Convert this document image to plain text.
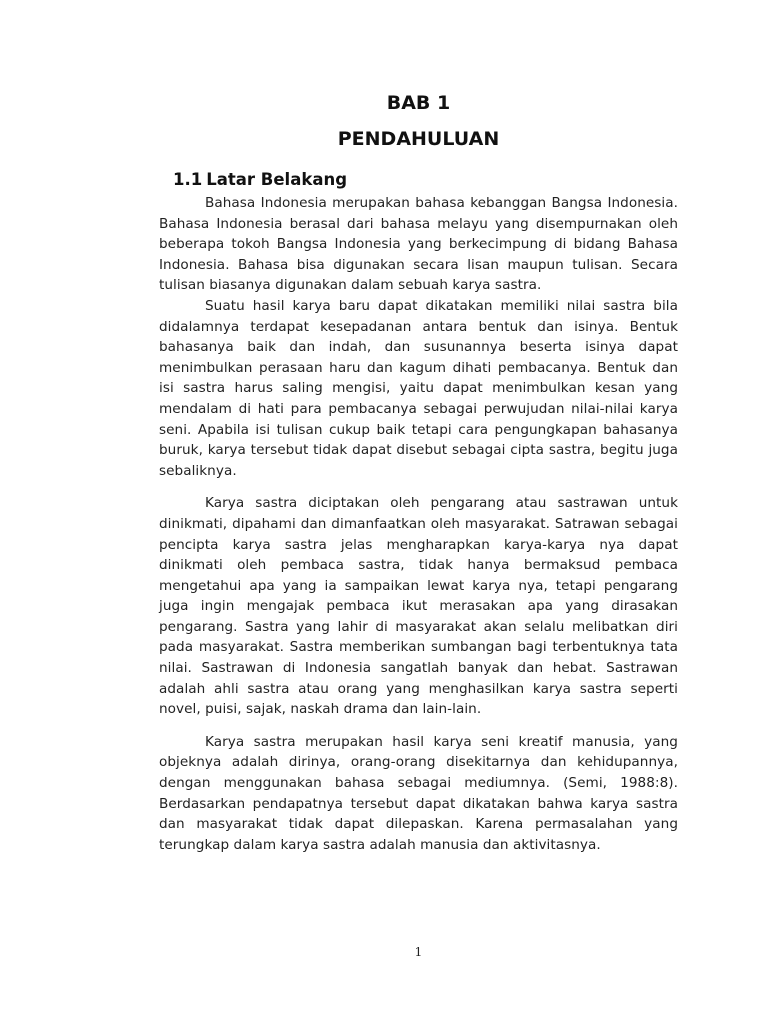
BAB 1
PENDAHULUAN
1.1 Latar Belakang

Bahasa Indonesia merupakan bahasa kebanggan Bangsa Indonesia. Bahasa Indonesia berasal dari bahasa melayu yang disempurnakan oleh beberapa tokoh Bangsa Indonesia yang berkecimpung di bidang Bahasa Indonesia. Bahasa bisa digunakan secara lisan maupun tulisan. Secara tulisan biasanya digunakan dalam sebuah karya sastra.

Suatu hasil karya baru dapat dikatakan memiliki nilai sastra bila didalamnya terdapat kesepadanan antara bentuk dan isinya. Bentuk bahasanya baik dan indah, dan susunannya beserta isinya dapat menimbulkan perasaan haru dan kagum dihati pembacanya. Bentuk dan isi sastra harus saling mengisi, yaitu dapat menimbulkan kesan yang mendalam di hati para pembacanya sebagai perwujudan nilai-nilai karya seni. Apabila isi tulisan cukup baik tetapi cara pengungkapan bahasanya buruk, karya tersebut tidak dapat disebut sebagai cipta sastra, begitu juga sebaliknya.

Karya sastra diciptakan oleh pengarang atau sastrawan untuk dinikmati, dipahami dan dimanfaatkan oleh masyarakat. Satrawan sebagai pencipta karya sastra jelas mengharapkan karya-karya nya dapat dinikmati oleh pembaca sastra, tidak hanya bermaksud pembaca mengetahui apa yang ia sampaikan lewat karya nya, tetapi pengarang juga ingin mengajak pembaca ikut merasakan apa yang dirasakan pengarang. Sastra yang lahir di masyarakat akan selalu melibatkan diri pada masyarakat. Sastra memberikan sumbangan bagi terbentuknya tata nilai. Sastrawan di Indonesia sangatlah banyak dan hebat. Sastrawan adalah ahli sastra atau orang yang menghasilkan karya sastra seperti novel, puisi, sajak, naskah drama dan lain-lain.

Karya sastra merupakan hasil karya seni kreatif manusia, yang objeknya adalah dirinya, orang-orang disekitarnya dan kehidupannya, dengan menggunakan bahasa sebagai mediumnya. (Semi, 1988:8). Berdasarkan pendapatnya tersebut dapat dikatakan bahwa karya sastra dan masyarakat tidak dapat dilepaskan. Karena permasalahan yang terungkap dalam karya sastra adalah manusia dan aktivitasnya.

1
